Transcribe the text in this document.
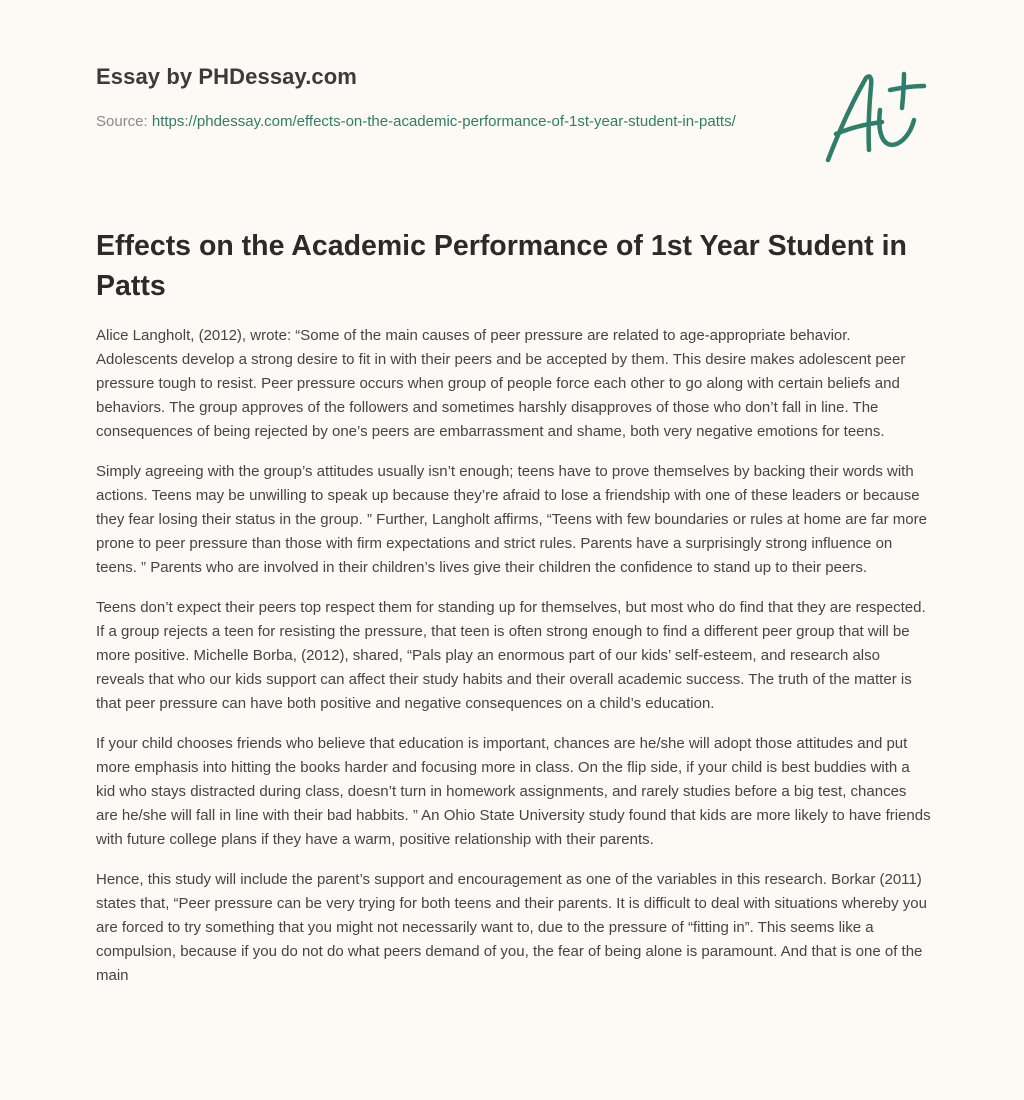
Essay by PHDessay.com
Source: https://phdessay.com/effects-on-the-academic-performance-of-1st-year-student-in-patts/
Effects on the Academic Performance of 1st Year Student in Patts

Alice Langholt, (2012), wrote: “Some of the main causes of peer pressure are related to age-appropriate behavior. Adolescents develop a strong desire to fit in with their peers and be accepted by them. This desire makes adolescent peer pressure tough to resist. Peer pressure occurs when group of people force each other to go along with certain beliefs and behaviors. The group approves of the followers and sometimes harshly disapproves of those who don’t fall in line. The consequences of being rejected by one’s peers are embarrassment and shame, both very negative emotions for teens.

Simply agreeing with the group’s attitudes usually isn’t enough; teens have to prove themselves by backing their words with actions. Teens may be unwilling to speak up because they’re afraid to lose a friendship with one of these leaders or because they fear losing their status in the group. ” Further, Langholt affirms, “Teens with few boundaries or rules at home are far more prone to peer pressure than those with firm expectations and strict rules. Parents have a surprisingly strong influence on teens. ” Parents who are involved in their children’s lives give their children the confidence to stand up to their peers.

Teens don’t expect their peers top respect them for standing up for themselves, but most who do find that they are respected. If a group rejects a teen for resisting the pressure, that teen is often strong enough to find a different peer group that will be more positive. Michelle Borba, (2012), shared, “Pals play an enormous part of our kids’ self-esteem, and research also reveals that who our kids support can affect their study habits and their overall academic success. The truth of the matter is that peer pressure can have both positive and negative consequences on a child’s education.

If your child chooses friends who believe that education is important, chances are he/she will adopt those attitudes and put more emphasis into hitting the books harder and focusing more in class. On the flip side, if your child is best buddies with a kid who stays distracted during class, doesn’t turn in homework assignments, and rarely studies before a big test, chances are he/she will fall in line with their bad habbits. ” An Ohio State University study found that kids are more likely to have friends with future college plans if they have a warm, positive relationship with their parents.

Hence, this study will include the parent’s support and encouragement as one of the variables in this research. Borkar (2011) states that, “Peer pressure can be very trying for both teens and their parents. It is difficult to deal with situations whereby you are forced to try something that you might not necessarily want to, due to the pressure of “fitting in”. This seems like a compulsion, because if you do not do what peers demand of you, the fear of being alone is paramount. And that is one of the main
